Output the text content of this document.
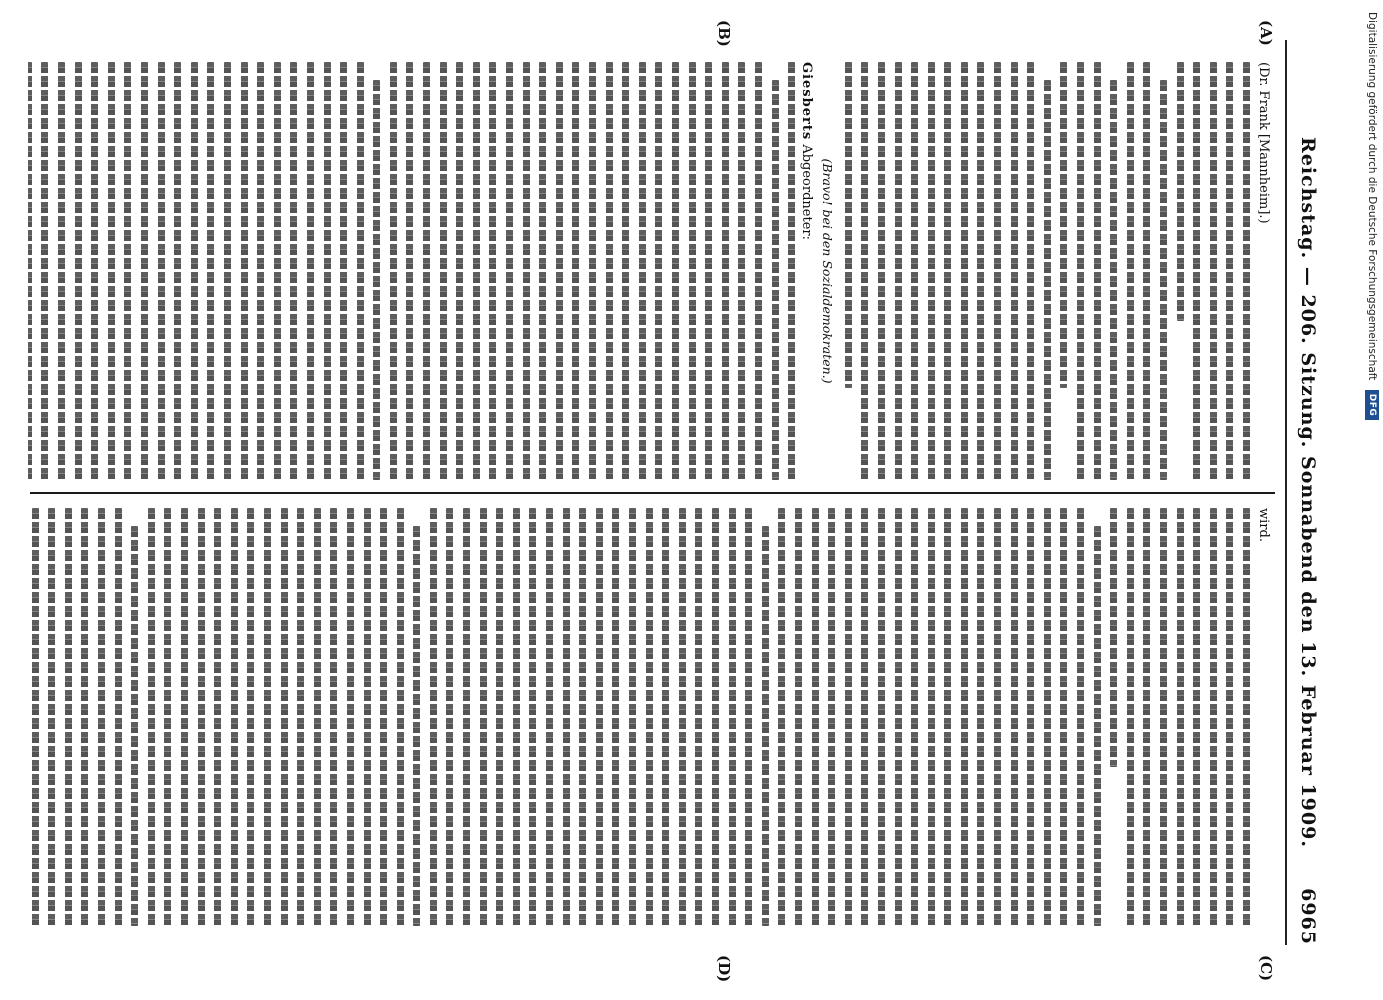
Reichstag. — 206. Sitzung. Sonnabend den 13. Februar 1909.
6965
(A)
(B)
(C)
(D)
(Dr. Frank [Mannheim].)
(Bravo! bei den Sozialdemokraten.)
Giesberts Abgeordneter:
wird.
Digitalisierung gefördert durch die Deutsche Forschungsgemeinschaft DFG
